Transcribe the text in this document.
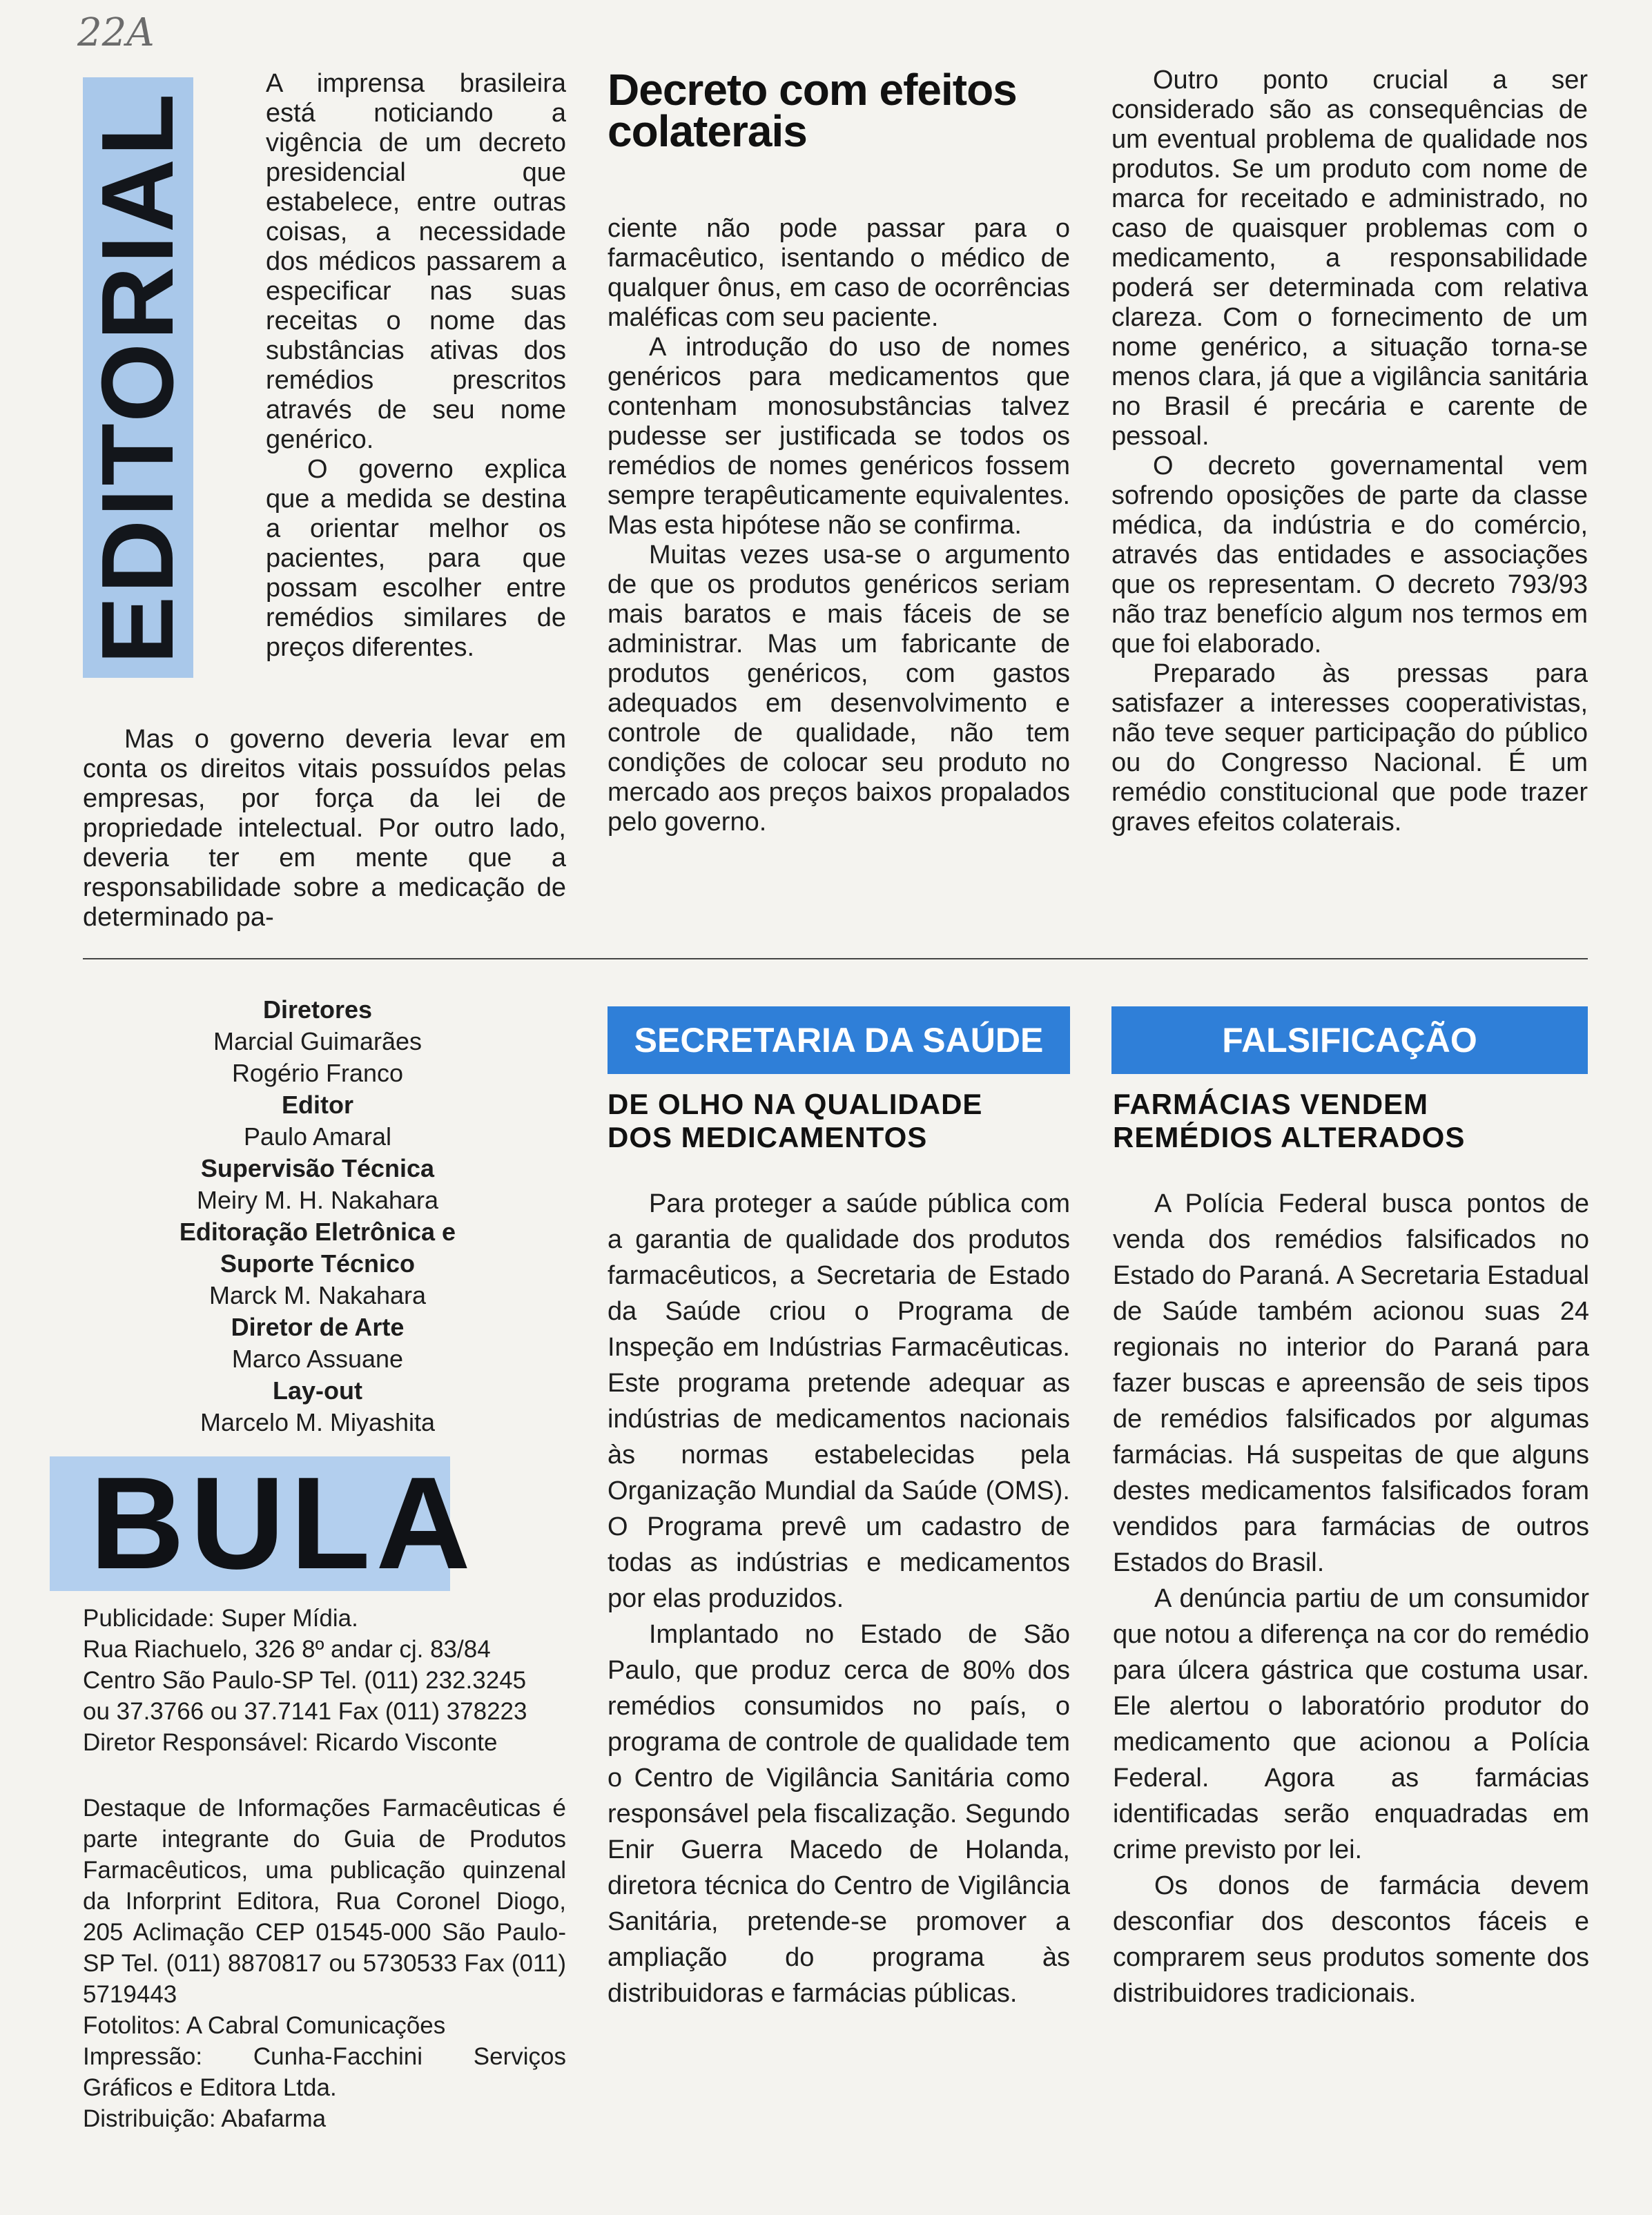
22A
EDITORIAL

A imprensa brasileira está noticiando a vigência de um decreto presidencial que estabelece, entre outras coisas, a necessidade dos médicos passarem a especificar nas suas receitas o nome das substâncias ativas dos remédios prescritos através de seu nome genérico.

O governo explica que a medida se destina a orientar melhor os pacientes, para que possam escolher entre remédios similares de preços diferentes.

Mas o governo deveria levar em conta os direitos vitais possuídos pelas empresas, por força da lei de propriedade intelectual. Por outro lado, deveria ter em mente que a responsabilidade sobre a medicação de determinado pa-

Decreto com efeitos colaterais

ciente não pode passar para o farmacêutico, isentando o médico de qualquer ônus, em caso de ocorrências maléficas com seu paciente.

A introdução do uso de nomes genéricos para medicamentos que contenham monosubstâncias talvez pudesse ser justificada se todos os remédios de nomes genéricos fossem sempre terapêuticamente equivalentes. Mas esta hipótese não se confirma.

Muitas vezes usa-se o argumento de que os produtos genéricos seriam mais baratos e mais fáceis de se administrar. Mas um fabricante de produtos genéricos, com gastos adequados em desenvolvimento e controle de qualidade, não tem condições de colocar seu produto no mercado aos preços baixos propalados pelo governo.

Outro ponto crucial a ser considerado são as consequências de um eventual problema de qualidade nos produtos. Se um produto com nome de marca for receitado e administrado, no caso de quaisquer problemas com o medicamento, a responsabilidade poderá ser determinada com relativa clareza. Com o fornecimento de um nome genérico, a situação torna-se menos clara, já que a vigilância sanitária no Brasil é precária e carente de pessoal.

O decreto governamental vem sofrendo oposições de parte da classe médica, da indústria e do comércio, através das entidades e associações que os representam. O decreto 793/93 não traz benefício algum nos termos em que foi elaborado.

Preparado às pressas para satisfazer a interesses cooperativistas, não teve sequer participação do público ou do Congresso Nacional. É um remédio constitucional que pode trazer graves efeitos colaterais.

Diretores
Marcial Guimarães
Rogério Franco
Editor
Paulo Amaral
Supervisão Técnica
Meiry M. H. Nakahara
Editoração Eletrônica e Suporte Técnico
Marck M. Nakahara
Diretor de Arte
Marco Assuane
Lay-out
Marcelo M. Miyashita
BULA

Publicidade: Super Mídia.

Rua Riachuelo, 326 8º andar cj. 83/84

Centro São Paulo-SP Tel. (011) 232.3245

ou 37.3766 ou 37.7141 Fax (011) 378223

Diretor Responsável: Ricardo Visconte

Destaque de Informações Farmacêuticas é parte integrante do Guia de Produtos Farmacêuticos, uma publicação quinzenal da Inforprint Editora, Rua Coronel Diogo, 205 Aclimação CEP 01545-000 São Paulo-SP Tel. (011) 8870817 ou 5730533 Fax (011) 5719443

Fotolitos: A Cabral Comunicações

Impressão: Cunha-Facchini Serviços Gráficos e Editora Ltda.

Distribuição: Abafarma

SECRETARIA DA SAÚDE
DE OLHO NA QUALIDADE
DOS MEDICAMENTOS

Para proteger a saúde pública com a garantia de qualidade dos produtos farmacêuticos, a Secretaria de Estado da Saúde criou o Programa de Inspeção em Indústrias Farmacêuticas. Este programa pretende adequar as indústrias de medicamentos nacionais às normas estabelecidas pela Organização Mundial da Saúde (OMS). O Programa prevê um cadastro de todas as indústrias e medicamentos por elas produzidos.

Implantado no Estado de São Paulo, que produz cerca de 80% dos remédios consumidos no país, o programa de controle de qualidade tem o Centro de Vigilância Sanitária como responsável pela fiscalização. Segundo Enir Guerra Macedo de Holanda, diretora técnica do Centro de Vigilância Sanitária, pretende-se promover a ampliação do programa às distribuidoras e farmácias públicas.

FALSIFICAÇÃO
FARMÁCIAS VENDEM
REMÉDIOS ALTERADOS

A Polícia Federal busca pontos de venda dos remédios falsificados no Estado do Paraná. A Secretaria Estadual de Saúde também acionou suas 24 regionais no interior do Paraná para fazer buscas e apreensão de seis tipos de remédios falsificados por algumas farmácias. Há suspeitas de que alguns destes medicamentos falsificados foram vendidos para farmácias de outros Estados do Brasil.

A denúncia partiu de um consumidor que notou a diferença na cor do remédio para úlcera gástrica que costuma usar. Ele alertou o laboratório produtor do medicamento que acionou a Polícia Federal. Agora as farmácias identificadas serão enquadradas em crime previsto por lei.

Os donos de farmácia devem desconfiar dos descontos fáceis e comprarem seus produtos somente dos distribuidores tradicionais.
